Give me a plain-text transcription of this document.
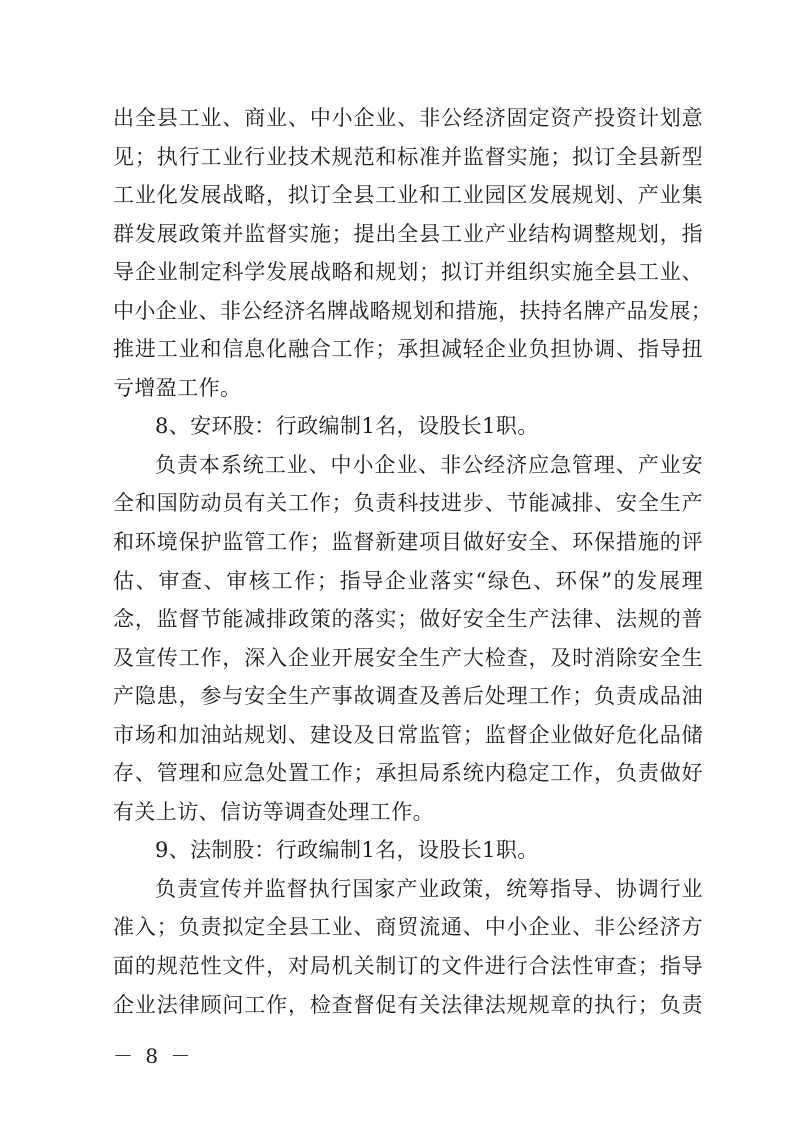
出全县工业、商业、中小企业、非公经济固定资产投资计划意
见；执行工业行业技术规范和标准并监督实施；拟订全县新型
工业化发展战略，拟订全县工业和工业园区发展规划、产业集
群发展政策并监督实施；提出全县工业产业结构调整规划，指
导企业制定科学发展战略和规划；拟订并组织实施全县工业、
中小企业、非公经济名牌战略规划和措施，扶持名牌产品发展；
推进工业和信息化融合工作；承担减轻企业负担协调、指导扭
亏增盈工作。
8、安环股：行政编制1名，设股长1职。
负责本系统工业、中小企业、非公经济应急管理、产业安
全和国防动员有关工作；负责科技进步、节能减排、安全生产
和环境保护监管工作；监督新建项目做好安全、环保措施的评
估、审查、审核工作；指导企业落实“绿色、环保”的发展理
念，监督节能减排政策的落实；做好安全生产法律、法规的普
及宣传工作，深入企业开展安全生产大检查，及时消除安全生
产隐患，参与安全生产事故调查及善后处理工作；负责成品油
市场和加油站规划、建设及日常监管；监督企业做好危化品储
存、管理和应急处置工作；承担局系统内稳定工作，负责做好
有关上访、信访等调查处理工作。
9、法制股：行政编制1名，设股长1职。
负责宣传并监督执行国家产业政策，统筹指导、协调行业
准入；负责拟定全县工业、商贸流通、中小企业、非公经济方
面的规范性文件，对局机关制订的文件进行合法性审查；指导
企业法律顾问工作，检查督促有关法律法规规章的执行；负责
－ 8 －
